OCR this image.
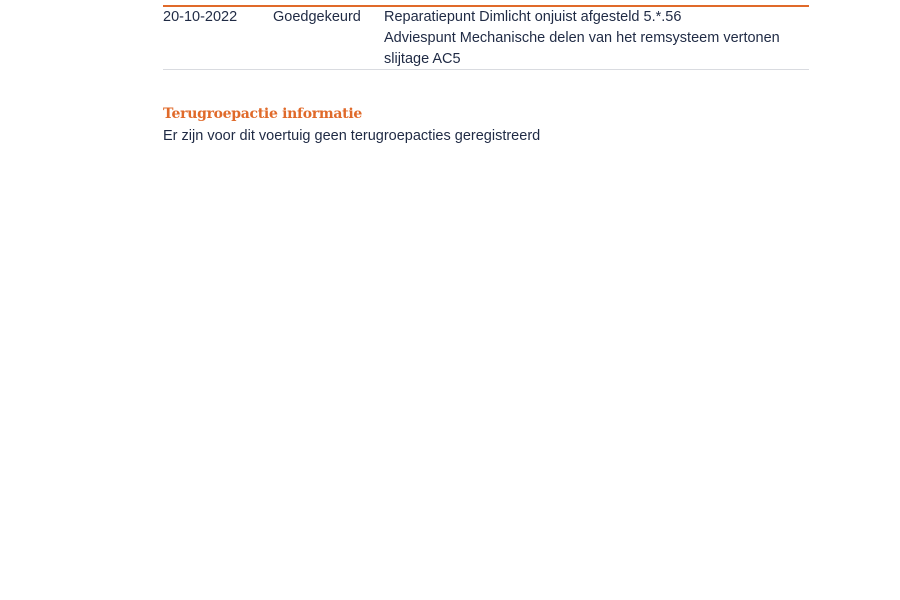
20-10-2022 Goedgekeurd Reparatiepunt Dimlicht onjuist afgesteld 5.*.56
Adviespunt Mechanische delen van het remsysteem vertonen
slijtage AC5
Terugroepactie informatie
Er zijn voor dit voertuig geen terugroepacties geregistreerd
